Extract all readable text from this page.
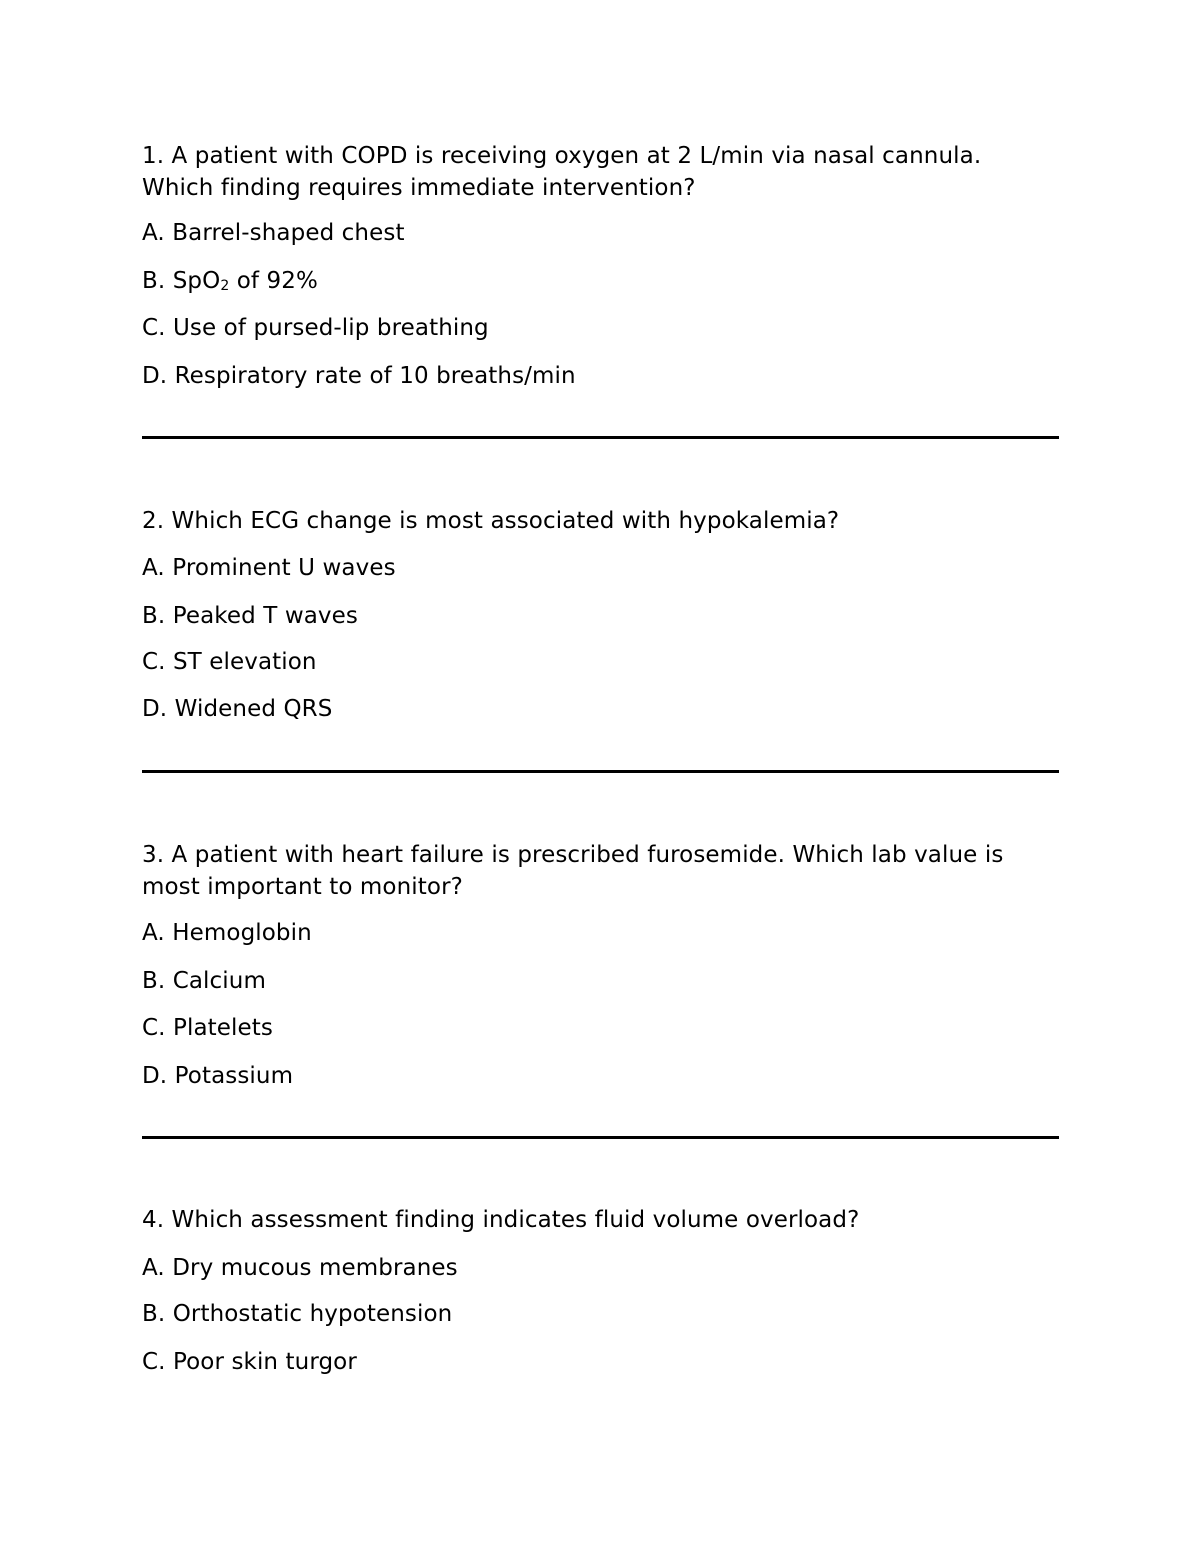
1. A patient with COPD is receiving oxygen at 2 L/min via nasal cannula.

Which finding requires immediate intervention?

A. Barrel-shaped chest

B. SpO$_2$ of 92%

C. Use of pursed-lip breathing

D. Respiratory rate of 10 breaths/min

2. Which ECG change is most associated with hypokalemia?

A. Prominent U waves

B. Peaked T waves

C. ST elevation

D. Widened QRS

3. A patient with heart failure is prescribed furosemide. Which lab value is

most important to monitor?

A. Hemoglobin

B. Calcium

C. Platelets

D. Potassium

4. Which assessment finding indicates fluid volume overload?

A. Dry mucous membranes

B. Orthostatic hypotension

C. Poor skin turgor
